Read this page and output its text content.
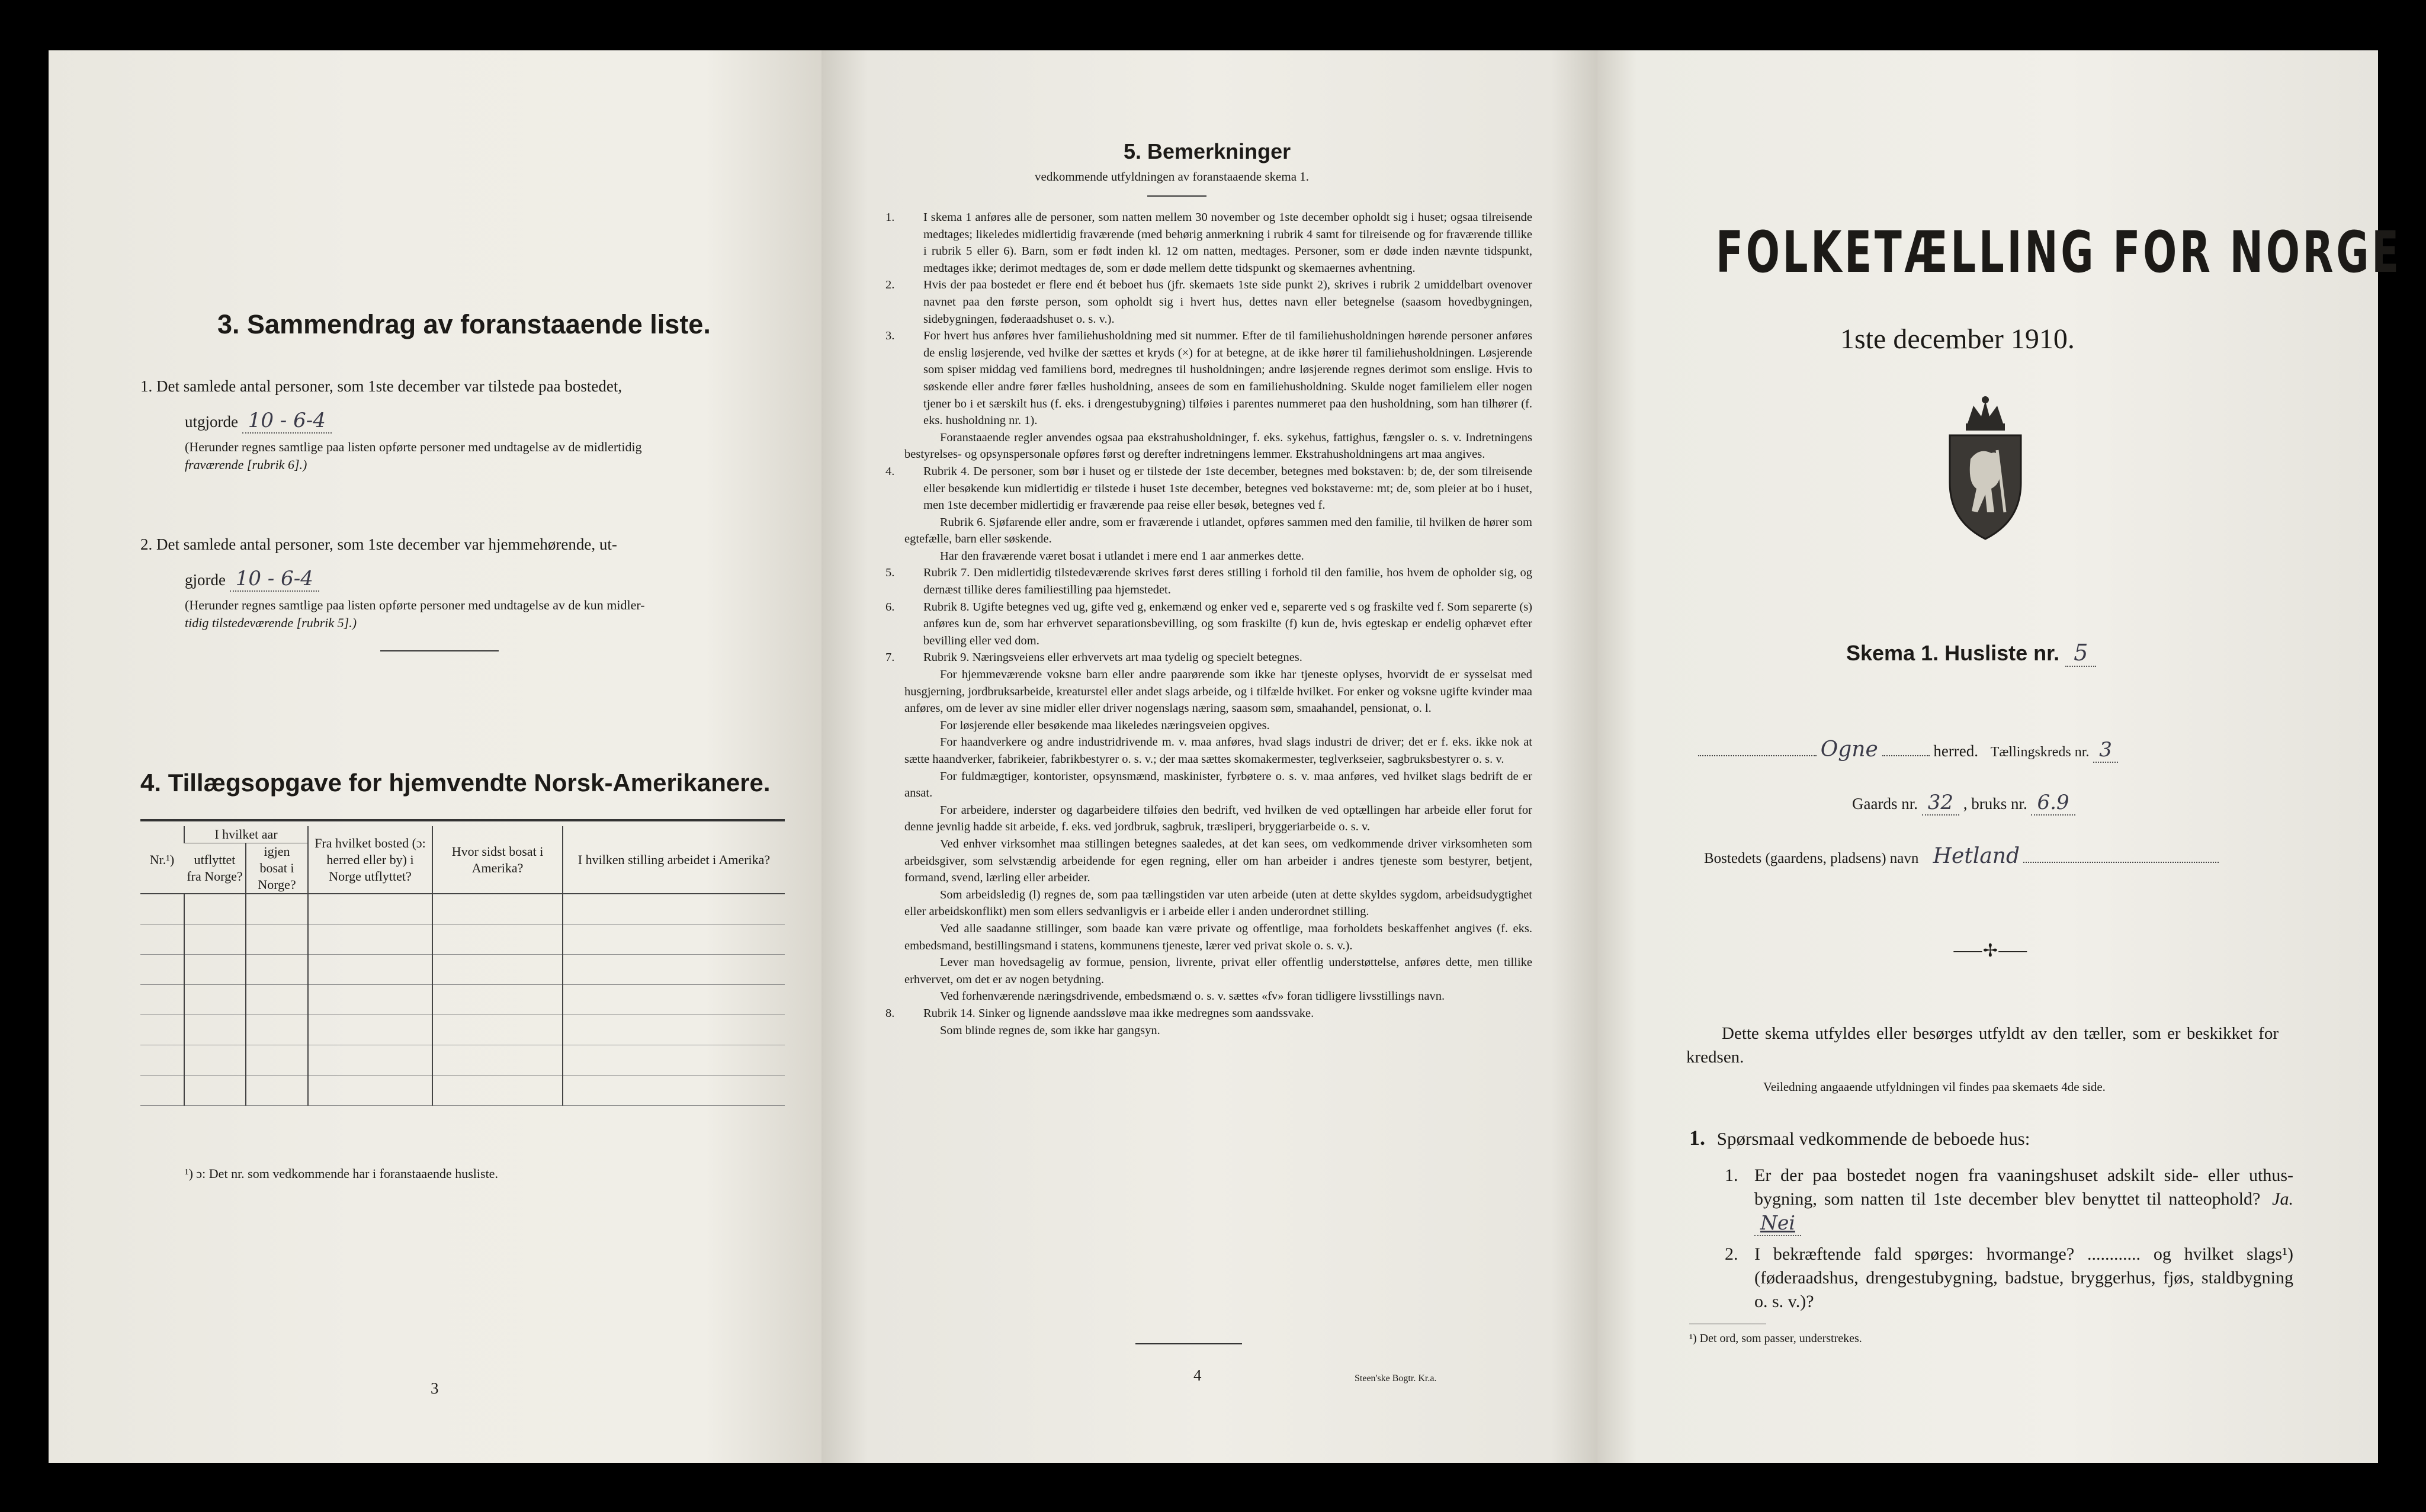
3. Sammendrag av foranstaaende liste.
1. Det samlede antal personer, som 1ste december var tilstede paa bostedet,
utgjorde 10 - 6-4
(Herunder regnes samtlige paa listen opførte personer med undtagelse av de midlertidig
fraværende [rubrik 6].)
2. Det samlede antal personer, som 1ste december var hjemmehørende, ut-
gjorde 10 - 6-4
(Herunder regnes samtlige paa listen opførte personer med undtagelse av de kun midler-
tidig tilstedeværende [rubrik 5].)
4. Tillægsopgave for hjemvendte Norsk-Amerikanere.
Nr.¹)	I hvilket aar		Fra hvilket bosted (ɔ: herred eller by) i Norge utflyttet?	Hvor sidst bosat i Amerika?	I hvilken stilling arbeidet i Amerika?
	utflyttet fra Norge?	igjen bosat i Norge?			

¹) ɔ: Det nr. som vedkommende har i foranstaaende husliste.
3
5. Bemerkninger
vedkommende utfyldningen av foranstaaende skema 1.

1. I skema 1 anføres alle de personer, som natten mellem 30 november og 1ste december opholdt sig i huset; ogsaa tilreisende medtages; likeledes midlertidig fraværende (med behørig anmerkning i rubrik 4 samt for tilreisende og for fraværende tillike i rubrik 5 eller 6). Barn, som er født inden kl. 12 om natten, medtages. Personer, som er døde inden nævnte tidspunkt, medtages ikke; derimot medtages de, som er døde mellem dette tidspunkt og skemaernes avhentning.

2. Hvis der paa bostedet er flere end ét beboet hus (jfr. skemaets 1ste side punkt 2), skrives i rubrik 2 umiddelbart ovenover navnet paa den første person, som opholdt sig i hvert hus, dettes navn eller betegnelse (saasom hovedbygningen, sidebygningen, føderaadshuset o. s. v.).

3. For hvert hus anføres hver familiehusholdning med sit nummer. Efter de til familiehusholdningen hørende personer anføres de enslig løsjerende, ved hvilke der sættes et kryds (×) for at betegne, at de ikke hører til familiehusholdningen. Løsjerende som spiser middag ved familiens bord, medregnes til husholdningen; andre løsjerende regnes derimot som enslige. Hvis to søskende eller andre fører fælles husholdning, ansees de som en familiehusholdning. Skulde noget familielem eller nogen tjener bo i et særskilt hus (f. eks. i drengestubygning) tilføies i parentes nummeret paa den husholdning, som han tilhører (f. eks. husholdning nr. 1).

Foranstaaende regler anvendes ogsaa paa ekstrahusholdninger, f. eks. sykehus, fattighus, fængsler o. s. v. Indretningens bestyrelses- og opsynspersonale opføres først og derefter indretningens lemmer. Ekstrahusholdningens art maa angives.

4. Rubrik 4. De personer, som bør i huset og er tilstede der 1ste december, betegnes med bokstaven: b; de, der som tilreisende eller besøkende kun midlertidig er tilstede i huset 1ste december, betegnes ved bokstaverne: mt; de, som pleier at bo i huset, men 1ste december midlertidig er fraværende paa reise eller besøk, betegnes ved f.

Rubrik 6. Sjøfarende eller andre, som er fraværende i utlandet, opføres sammen med den familie, til hvilken de hører som egtefælle, barn eller søskende.

Har den fraværende været bosat i utlandet i mere end 1 aar anmerkes dette.

5. Rubrik 7. Den midlertidig tilstedeværende skrives først deres stilling i forhold til den familie, hos hvem de opholder sig, og dernæst tillike deres familiestilling paa hjemstedet.

6. Rubrik 8. Ugifte betegnes ved ug, gifte ved g, enkemænd og enker ved e, separerte ved s og fraskilte ved f. Som separerte (s) anføres kun de, som har erhvervet separationsbevilling, og som fraskilte (f) kun de, hvis egteskap er endelig ophævet efter bevilling eller ved dom.

7. Rubrik 9. Næringsveiens eller erhvervets art maa tydelig og specielt betegnes.

For hjemmeværende voksne barn eller andre paarørende som ikke har tjeneste oplyses, hvorvidt de er sysselsat med husgjerning, jordbruksarbeide, kreaturstel eller andet slags arbeide, og i tilfælde hvilket. For enker og voksne ugifte kvinder maa anføres, om de lever av sine midler eller driver nogenslags næring, saasom søm, smaahandel, pensionat, o. l.

For løsjerende eller besøkende maa likeledes næringsveien opgives.

For haandverkere og andre industridrivende m. v. maa anføres, hvad slags industri de driver; det er f. eks. ikke nok at sætte haandverker, fabrikeier, fabrikbestyrer o. s. v.; der maa sættes skomakermester, teglverkseier, sagbruksbestyrer o. s. v.

For fuldmægtiger, kontorister, opsynsmænd, maskinister, fyrbøtere o. s. v. maa anføres, ved hvilket slags bedrift de er ansat.

For arbeidere, inderster og dagarbeidere tilføies den bedrift, ved hvilken de ved optællingen har arbeide eller forut for denne jevnlig hadde sit arbeide, f. eks. ved jordbruk, sagbruk, træsliperi, bryggeriarbeide o. s. v.

Ved enhver virksomhet maa stillingen betegnes saaledes, at det kan sees, om vedkommende driver virksomheten som arbeidsgiver, som selvstændig arbeidende for egen regning, eller om han arbeider i andres tjeneste som bestyrer, betjent, formand, svend, lærling eller arbeider.

Som arbeidsledig (l) regnes de, som paa tællingstiden var uten arbeide (uten at dette skyldes sygdom, arbeidsudygtighet eller arbeidskonflikt) men som ellers sedvanligvis er i arbeide eller i anden underordnet stilling.

Ved alle saadanne stillinger, som baade kan være private og offentlige, maa forholdets beskaffenhet angives (f. eks. embedsmand, bestillingsmand i statens, kommunens tjeneste, lærer ved privat skole o. s. v.).

Lever man hovedsagelig av formue, pension, livrente, privat eller offentlig understøttelse, anføres dette, men tillike erhvervet, om det er av nogen betydning.

Ved forhenværende næringsdrivende, embedsmænd o. s. v. sættes «fv» foran tidligere livsstillings navn.

8. Rubrik 14. Sinker og lignende aandssløve maa ikke medregnes som aandssvake.

Som blinde regnes de, som ikke har gangsyn.

4	Steen'ske Bogtr. Kr.a.
FOLKETÆLLING FOR NORGE
1ste december 1910.
Skema 1. Husliste nr. 5
Ogne	herred. Tællingskreds nr. 3
Gaards nr. 32 , bruks nr. 6.9
Bostedets (gaardens, pladsens) navn Hetland
⸺✢⸺
Dette skema utfyldes eller besørges utfyldt av den tæller, som er beskikket for kredsen.
Veiledning angaaende utfyldningen vil findes paa skemaets 4de side.
1. Spørsmaal vedkommende de beboede hus:
1. Er der paa bostedet nogen fra vaaningshuset adskilt side- eller uthus-bygning, som natten til 1ste december blev benyttet til natteophold? Ja. Nei
2. I bekræftende fald spørges: hvormange? ............ og hvilket slags¹) (føderaadshus, drengestubygning, badstue, bryggerhus, fjøs, staldbygning o. s. v.)?
¹) Det ord, som passer, understrekes.
